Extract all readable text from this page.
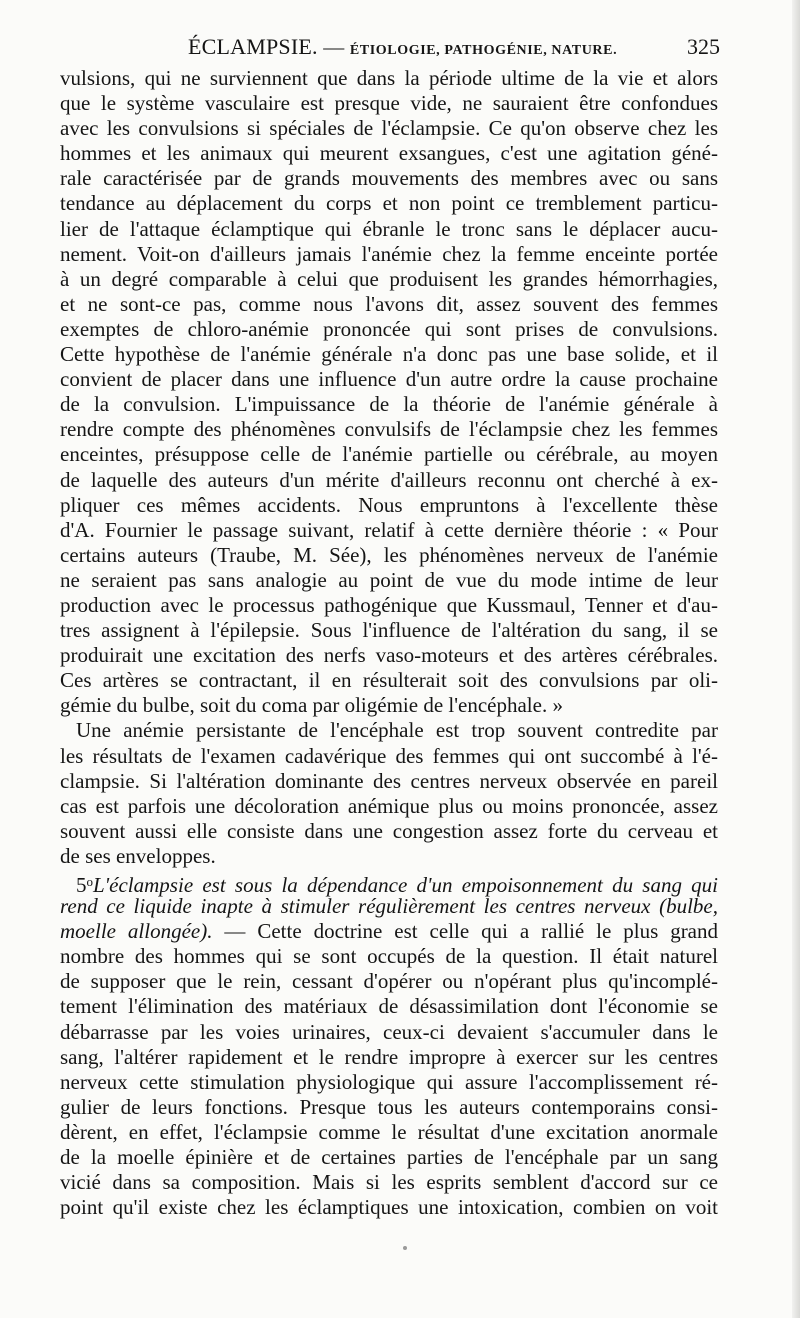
ÉCLAMPSIE. — ÉTIOLOGIE, PATHOGÉNIE, NATURE.	325
vulsions, qui ne surviennent que dans la période ultime de la vie et alors
que le système vasculaire est presque vide, ne sauraient être confondues
avec les convulsions si spéciales de l'éclampsie. Ce qu'on observe chez les
hommes et les animaux qui meurent exsangues, c'est une agitation géné-
rale caractérisée par de grands mouvements des membres avec ou sans
tendance au déplacement du corps et non point ce tremblement particu-
lier de l'attaque éclamptique qui ébranle le tronc sans le déplacer aucu-
nement. Voit-on d'ailleurs jamais l'anémie chez la femme enceinte portée
à un degré comparable à celui que produisent les grandes hémorrhagies,
et ne sont-ce pas, comme nous l'avons dit, assez souvent des femmes
exemptes de chloro-anémie prononcée qui sont prises de convulsions.
Cette hypothèse de l'anémie générale n'a donc pas une base solide, et il
convient de placer dans une influence d'un autre ordre la cause prochaine
de la convulsion. L'impuissance de la théorie de l'anémie générale à
rendre compte des phénomènes convulsifs de l'éclampsie chez les femmes
enceintes, présuppose celle de l'anémie partielle ou cérébrale, au moyen
de laquelle des auteurs d'un mérite d'ailleurs reconnu ont cherché à ex-
pliquer ces mêmes accidents. Nous empruntons à l'excellente thèse
d'A. Fournier le passage suivant, relatif à cette dernière théorie : « Pour
certains auteurs (Traube, M. Sée), les phénomènes nerveux de l'anémie
ne seraient pas sans analogie au point de vue du mode intime de leur
production avec le processus pathogénique que Kussmaul, Tenner et d'au-
tres assignent à l'épilepsie. Sous l'influence de l'altération du sang, il se
produirait une excitation des nerfs vaso-moteurs et des artères cérébrales.
Ces artères se contractant, il en résulterait soit des convulsions par oli-
gémie du bulbe, soit du coma par oligémie de l'encéphale. »
Une anémie persistante de l'encéphale est trop souvent contredite par
les résultats de l'examen cadavérique des femmes qui ont succombé à l'é-
clampsie. Si l'altération dominante des centres nerveux observée en pareil
cas est parfois une décoloration anémique plus ou moins prononcée, assez
souvent aussi elle consiste dans une congestion assez forte du cerveau et
de ses enveloppes.
5$^o$L'éclampsie est sous la dépendance d'un empoisonnement du sang qui
rend ce liquide inapte à stimuler régulièrement les centres nerveux (bulbe,
moelle allongée). — Cette doctrine est celle qui a rallié le plus grand
nombre des hommes qui se sont occupés de la question. Il était naturel
de supposer que le rein, cessant d'opérer ou n'opérant plus qu'incomplé-
tement l'élimination des matériaux de désassimilation dont l'économie se
débarrasse par les voies urinaires, ceux-ci devaient s'accumuler dans le
sang, l'altérer rapidement et le rendre impropre à exercer sur les centres
nerveux cette stimulation physiologique qui assure l'accomplissement ré-
gulier de leurs fonctions. Presque tous les auteurs contemporains consi-
dèrent, en effet, l'éclampsie comme le résultat d'une excitation anormale
de la moelle épinière et de certaines parties de l'encéphale par un sang
vicié dans sa composition. Mais si les esprits semblent d'accord sur ce
point qu'il existe chez les éclamptiques une intoxication, combien on voit
